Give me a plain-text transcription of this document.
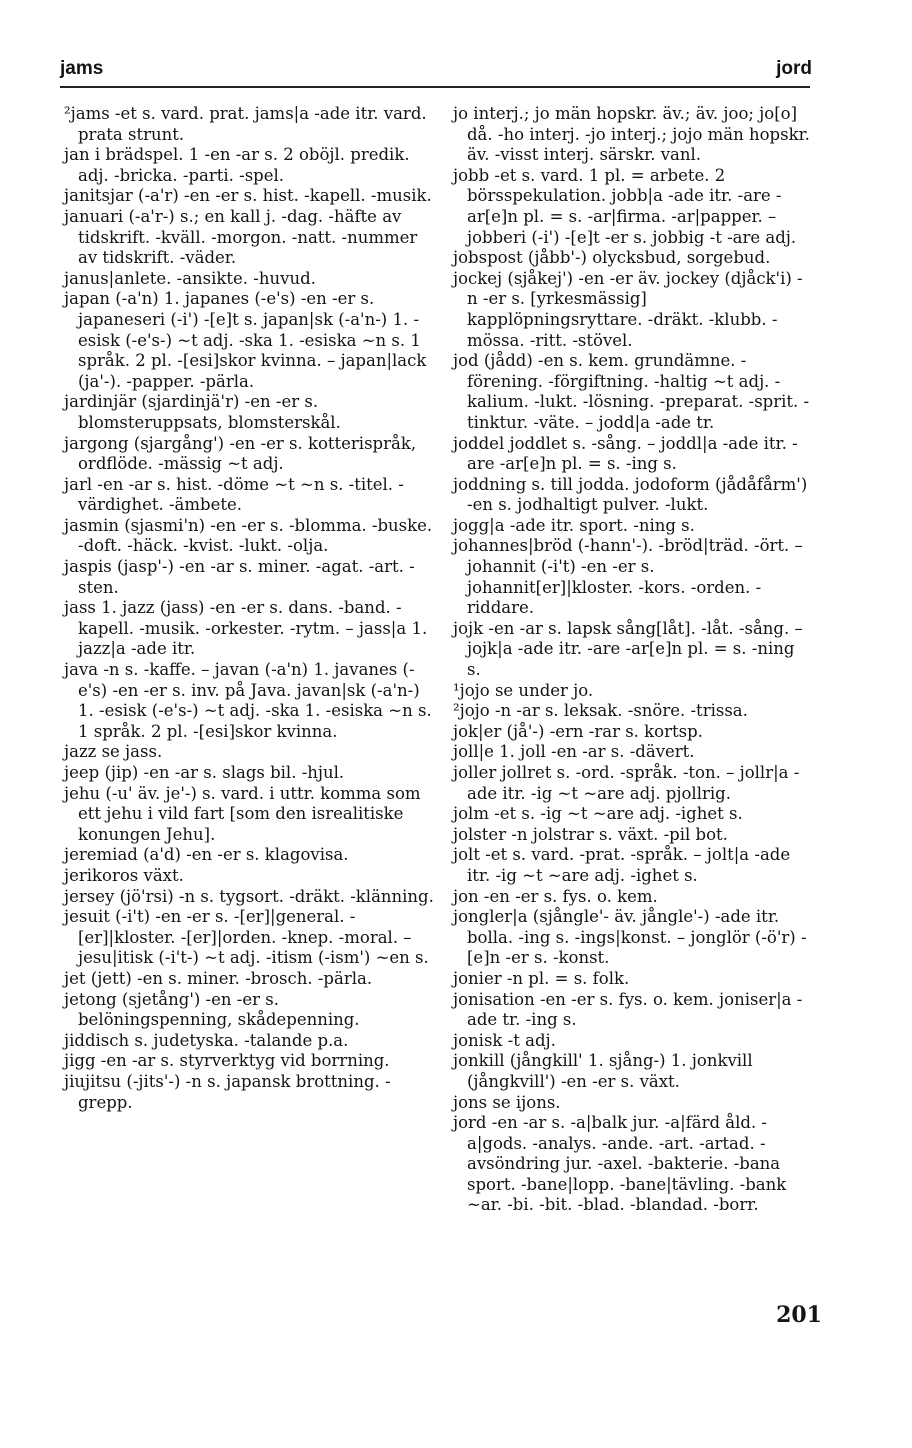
jams	jord

²jams -et s. vard. prat. jams|a -ade itr. vard. prata strunt.

jan i brädspel. 1 -en -ar s. 2 oböjl. predik. adj. -bricka. -parti. -spel.

janitsjar (-a'r) -en -er s. hist. -kapell. -musik.

januari (-a'r-) s.; en kall j. -dag. -häfte av tidskrift. -kväll. -morgon. -natt. -nummer av tidskrift. -väder.

janus|anlete. -ansikte. -huvud.

japan (-a'n) 1. japanes (-e's) -en -er s. japaneseri (-i') -[e]t s. japan|sk (-a'n-) 1. -esisk (-e's-) ~t adj. -ska 1. -esiska ~n s. 1 språk. 2 pl. -[esi]skor kvinna. – japan|lack (ja'-). -papper. -pärla.

jardinjär (sjardinjä'r) -en -er s. blomsteruppsats, blomsterskål.

jargong (sjargång') -en -er s. kotterispråk, ordflöde. -mässig ~t adj.

jarl -en -ar s. hist. -döme ~t ~n s. -titel. -värdighet. -ämbete.

jasmin (sjasmi'n) -en -er s. -blomma. -buske. -doft. -häck. -kvist. -lukt. -olja.

jaspis (jasp'-) -en -ar s. miner. -agat. -art. -sten.

jass 1. jazz (jass) -en -er s. dans. -band. -kapell. -musik. -orkester. -rytm. – jass|a 1. jazz|a -ade itr.

java -n s. -kaffe. – javan (-a'n) 1. javanes (-e's) -en -er s. inv. på Java. javan|sk (-a'n-) 1. -esisk (-e's-) ~t adj. -ska 1. -esiska ~n s. 1 språk. 2 pl. -[esi]skor kvinna.

jazz se jass.

jeep (jip) -en -ar s. slags bil. -hjul.

jehu (-u' äv. je'-) s. vard. i uttr. komma som ett jehu i vild fart [som den isrealitiske konungen Jehu].

jeremiad (a'd) -en -er s. klagovisa.

jerikoros växt.

jersey (jö'rsi) -n s. tygsort. -dräkt. -klänning.

jesuit (-i't) -en -er s. -[er]|general. -[er]|kloster. -[er]|orden. -knep. -moral. – jesu|itisk (-i't-) ~t adj. -itism (-ism') ~en s.

jet (jett) -en s. miner. -brosch. -pärla.

jetong (sjetång') -en -er s. belöningspenning, skådepenning.

jiddisch s. judetyska. -talande p.a.

jigg -en -ar s. styrverktyg vid borrning.

jiujitsu (-jits'-) -n s. japansk brottning. -grepp.

jo interj.; jo män hopskr. äv.; äv. joo; jo[o] då. -ho interj. -jo interj.; jojo män hopskr. äv. -visst interj. särskr. vanl.

jobb -et s. vard. 1 pl. = arbete. 2 börsspekulation. jobb|a -ade itr. -are -ar[e]n pl. = s. -ar|firma. -ar|papper. – jobberi (-i') -[e]t -er s. jobbig -t -are adj.

jobspost (jåbb'-) olycksbud, sorgebud.

jockej (sjåkej') -en -er äv. jockey (djåck'i) -n -er s. [yrkesmässig] kapplöpningsryttare. -dräkt. -klubb. -mössa. -ritt. -stövel.

jod (jådd) -en s. kem. grundämne. -förening. -förgiftning. -haltig ~t adj. -kalium. -lukt. -lösning. -preparat. -sprit. -tinktur. -väte. – jodd|a -ade tr.

joddel joddlet s. -sång. – joddl|a -ade itr. -are -ar[e]n pl. = s. -ing s.

joddning s. till jodda. jodoform (jådåfårm') -en s. jodhaltigt pulver. -lukt.

jogg|a -ade itr. sport. -ning s.

johannes|bröd (-hann'-). -bröd|träd. -ört. – johannit (-i't) -en -er s. johannit[er]|kloster. -kors. -orden. -riddare.

jojk -en -ar s. lapsk sång[låt]. -låt. -sång. – jojk|a -ade itr. -are -ar[e]n pl. = s. -ning s.

¹jojo se under jo.

²jojo -n -ar s. leksak. -snöre. -trissa.

jok|er (jå'-) -ern -rar s. kortsp.

joll|e 1. joll -en -ar s. -dävert.

joller jollret s. -ord. -språk. -ton. – jollr|a -ade itr. -ig ~t ~are adj. pjollrig.

jolm -et s. -ig ~t ~are adj. -ighet s.

jolster -n jolstrar s. växt. -pil bot.

jolt -et s. vard. -prat. -språk. – jolt|a -ade itr. -ig ~t ~are adj. -ighet s.

jon -en -er s. fys. o. kem.

jongler|a (sjångle'- äv. jångle'-) -ade itr. bolla. -ing s. -ings|konst. – jonglör (-ö'r) -[e]n -er s. -konst.

jonier -n pl. = s. folk.

jonisation -en -er s. fys. o. kem. joniser|a -ade tr. -ing s.

jonisk -t adj.

jonkill (jångkill' 1. sjång-) 1. jonkvill (jångkvill') -en -er s. växt.

jons se ijons.

jord -en -ar s. -a|balk jur. -a|färd åld. -a|gods. -analys. -ande. -art. -artad. -avsöndring jur. -axel. -bakterie. -bana sport. -bane|lopp. -bane|tävling. -bank ~ar. -bi. -bit. -blad. -blandad. -borr.

201
